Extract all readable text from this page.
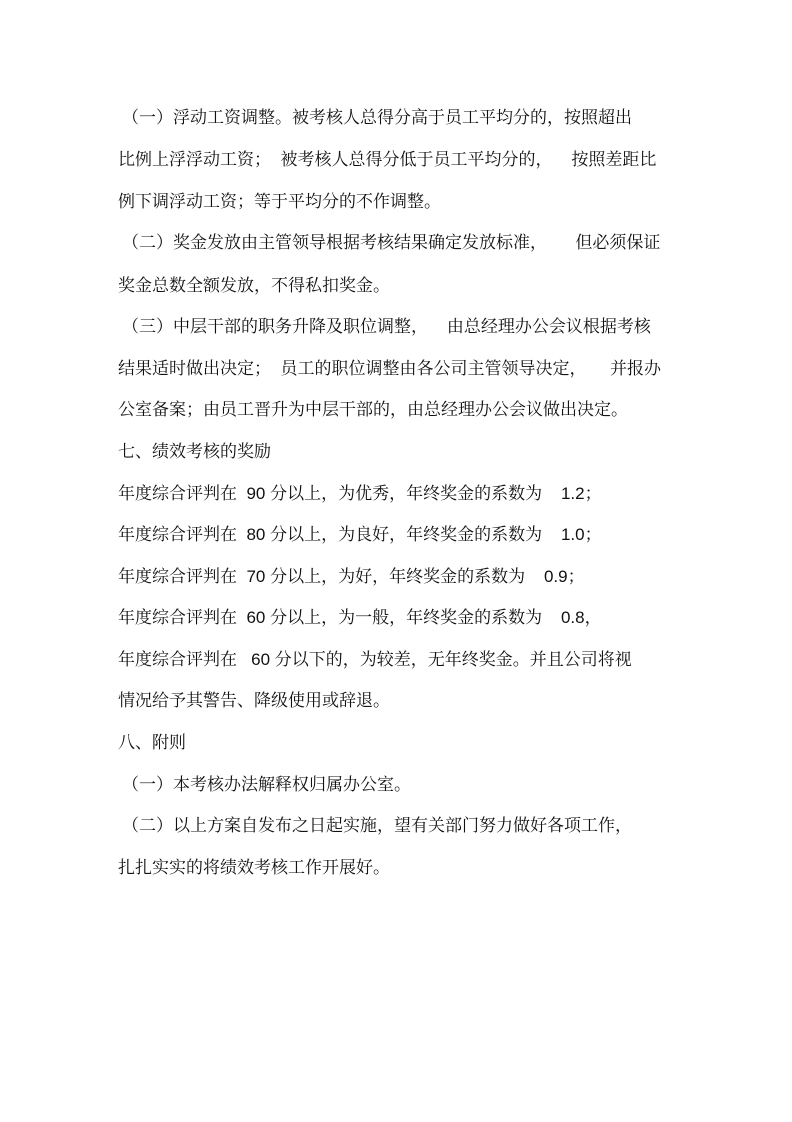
（一）浮动工资调整。被考核人总得分高于员工平均分的，按照超出
比例上浮浮动工资；  被考核人总得分低于员工平均分的，    按照差距比
例下调浮动工资；等于平均分的不作调整。
（二）奖金发放由主管领导根据考核结果确定发放标准，      但必须保证
奖金总数全额发放，不得私扣奖金。
（三）中层干部的职务升降及职位调整，    由总经理办公会议根据考核
结果适时做出决定；  员工的职位调整由各公司主管领导决定，     并报办
公室备案；由员工晋升为中层干部的，由总经理办公会议做出决定。
七、绩效考核的奖励
年度综合评判在  90 分以上，为优秀，年终奖金的系数为    1.2；
年度综合评判在  80 分以上，为良好，年终奖金的系数为    1.0；
年度综合评判在  70 分以上，为好，年终奖金的系数为    0.9；
年度综合评判在  60 分以上，为一般，年终奖金的系数为    0.8，
年度综合评判在   60 分以下的，为较差，无年终奖金。并且公司将视
情况给予其警告、降级使用或辞退。
八、附则
（一）本考核办法解释权归属办公室。
（二）以上方案自发布之日起实施，望有关部门努力做好各项工作，
扎扎实实的将绩效考核工作开展好。
